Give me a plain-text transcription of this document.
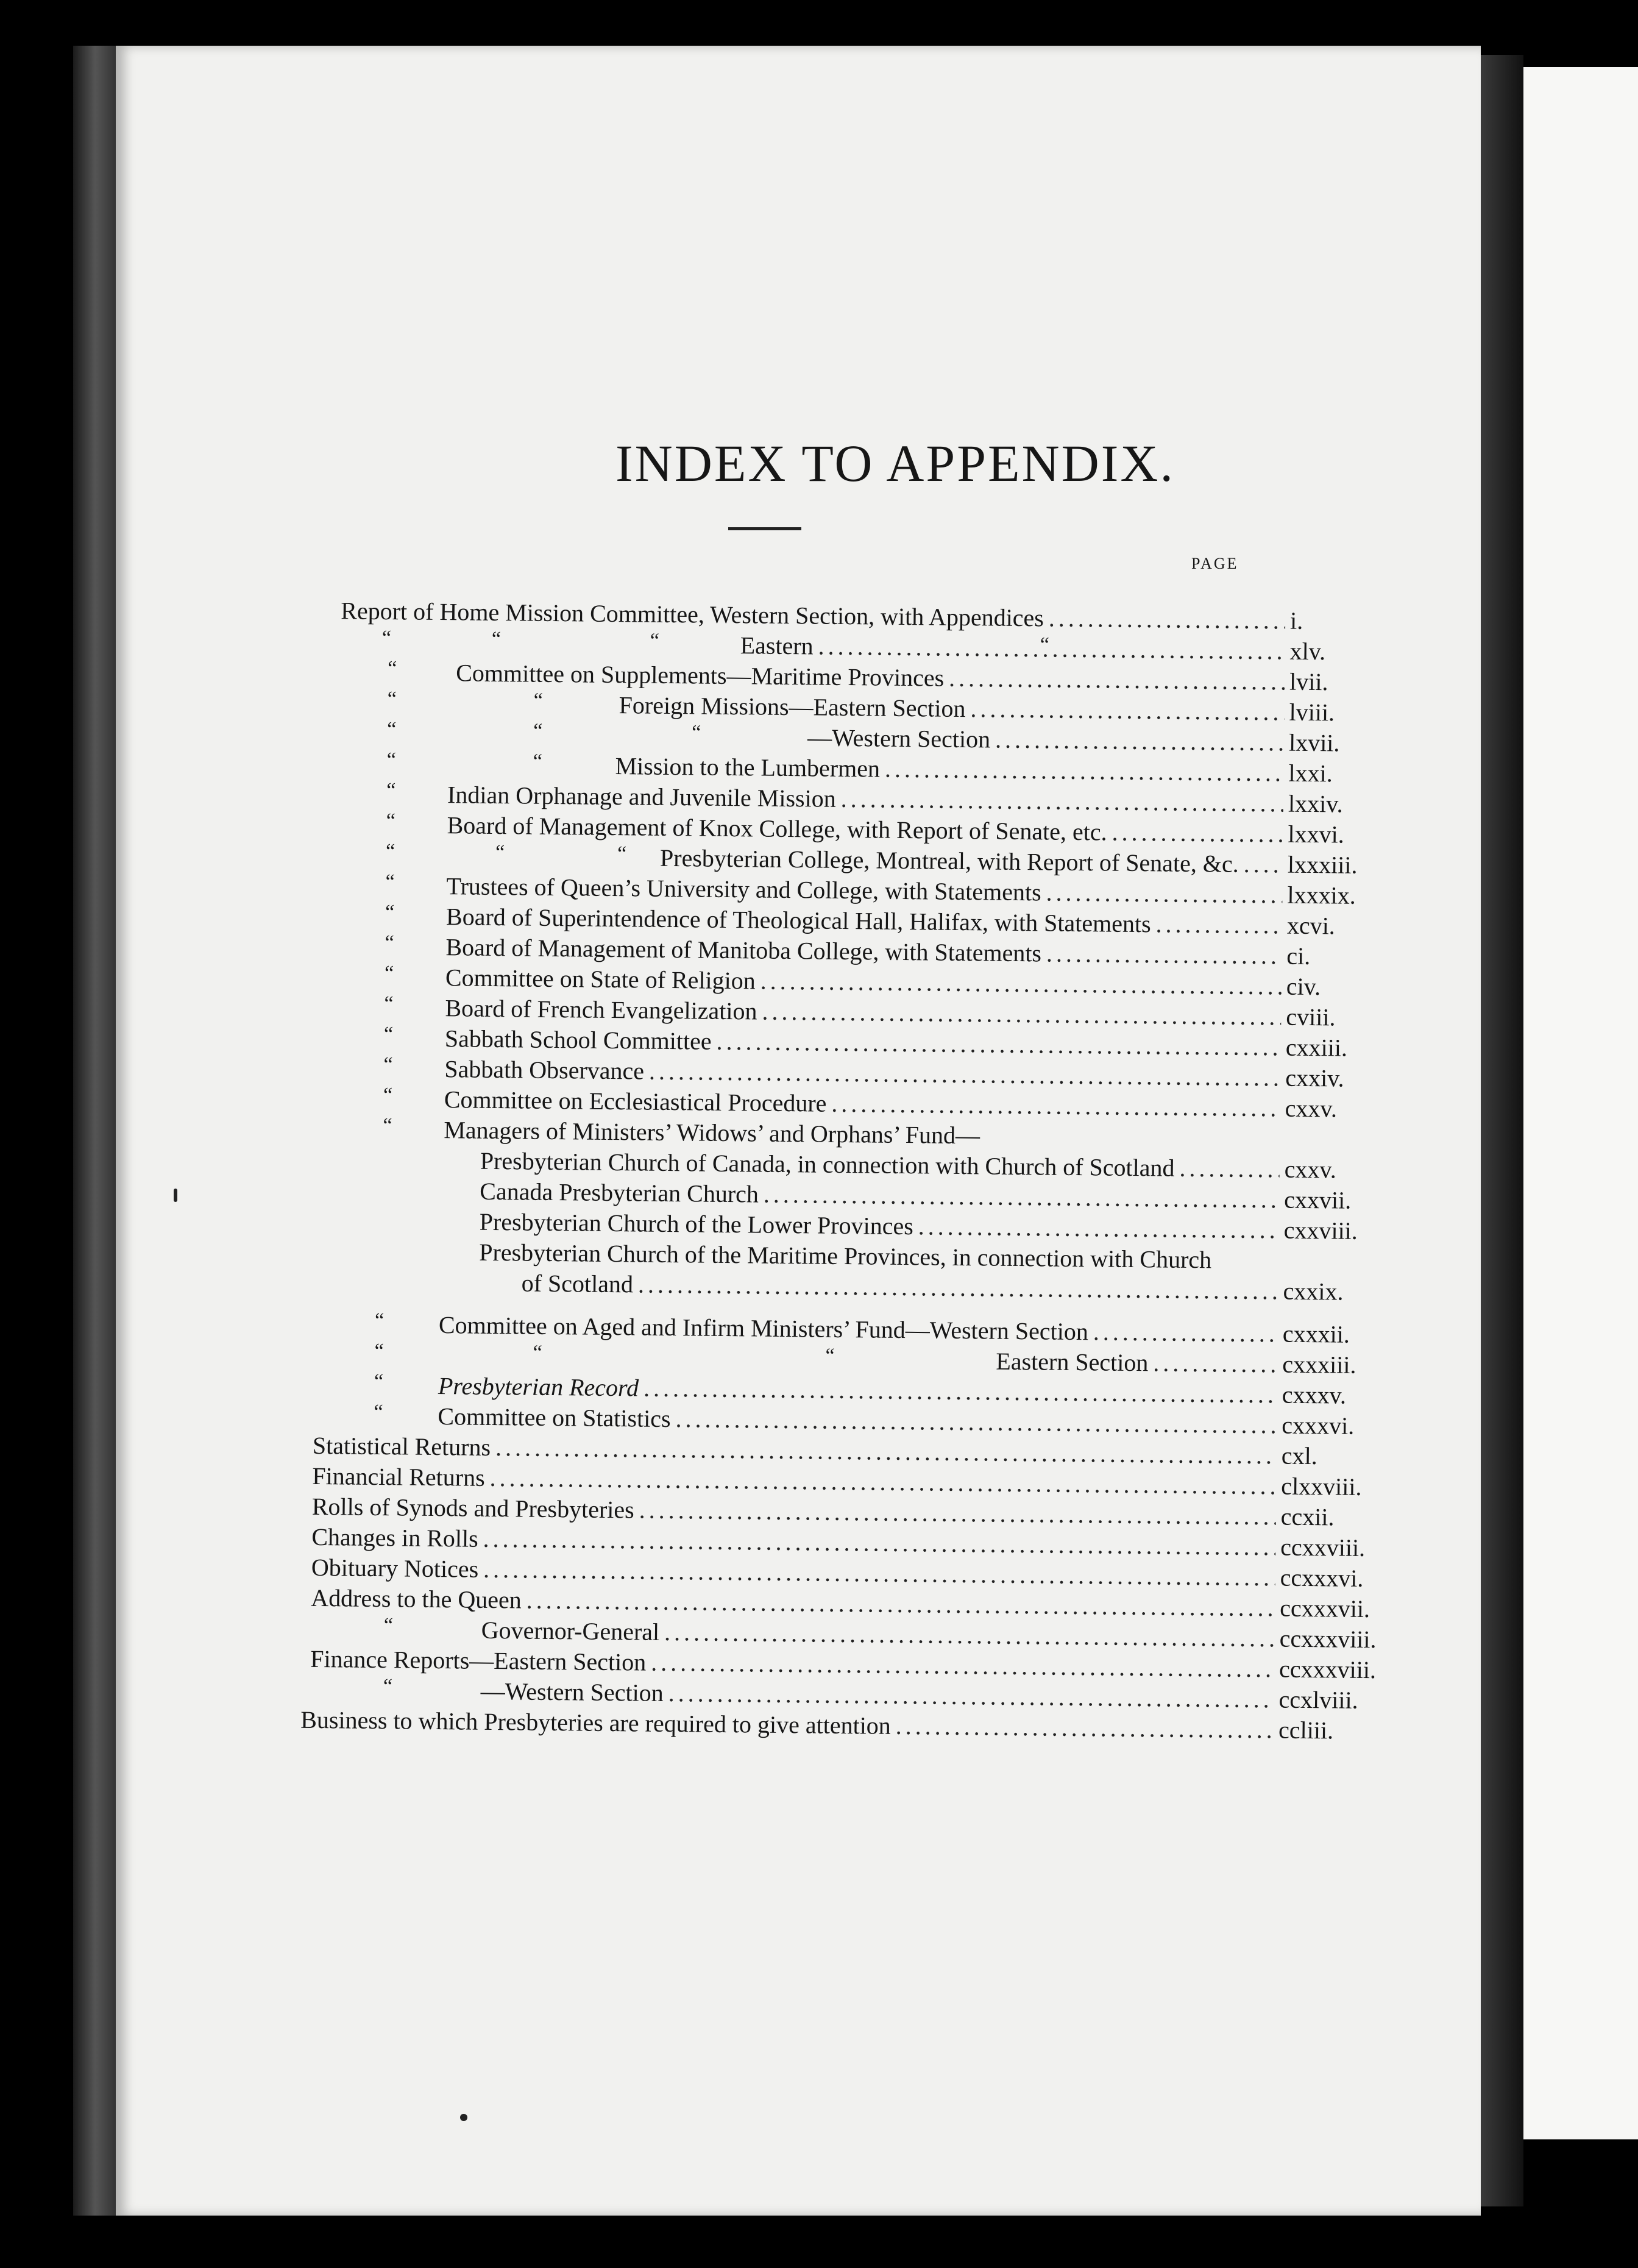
INDEX TO APPENDIX.
PAGE
Report of Home Mission Committee, Western Section, with Appendices .....	i.
Eastern .....	xlv.
“	“	“	“
Committee on Supplements—Maritime Provinces .....	lvii.
“
Foreign Missions—Eastern Section .....	lviii.
“	“
—Western Section .....	lxvii.
“	“	“
Mission to the Lumbermen .....	lxxi.
“	“
Indian Orphanage and Juvenile Mission .....	lxxiv.
“
Board of Management of Knox College, with Report of Senate, etc. .....	lxxvi.
“
Presbyterian College, Montreal, with Report of Senate, &c. ..... lxxxiii.
“	“	“
Trustees of Queen’s University and College, with Statements .....	lxxxix.
“
Board of Superintendence of Theological Hall, Halifax, with Statements .....	xcvi.
“
Board of Management of Manitoba College, with Statements .....	ci.
“
Committee on State of Religion .....	civ.
“
Board of French Evangelization .....	cviii.
“
Sabbath School Committee .....	cxxiii.
“
Sabbath Observance .....	cxxiv.
“
Committee on Ecclesiastical Procedure .....	cxxv.
“
Managers of Ministers’ Widows’ and Orphans’ Fund—
“
Presbyterian Church of Canada, in connection with Church of Scotland .....	cxxv.
Canada Presbyterian Church .....	cxxvii.
Presbyterian Church of the Lower Provinces .....	cxxviii.
Presbyterian Church of the Maritime Provinces, in connection with Church
of Scotland .....	cxxix.
Committee on Aged and Infirm Ministers’ Fund—Western Section .....	cxxxii.
“
Eastern Section .....	cxxxiii.
“	“	“
Presbyterian Record .....	cxxxv.
“
Committee on Statistics .....	cxxxvi.
“
Statistical Returns .....	cxl.
Financial Returns .....	clxxviii.
Rolls of Synods and Presbyteries .....	ccxii.
Changes in Rolls .....	ccxxviii.
Obituary Notices .....	ccxxxvi.
Address to the Queen .....	ccxxxvii.
Governor-General .....	ccxxxviii.
“
Finance Reports—Eastern Section .....	ccxxxviii.
—Western Section .....	ccxlviii.
“
Business to which Presbyteries are required to give attention .....	ccliii.
